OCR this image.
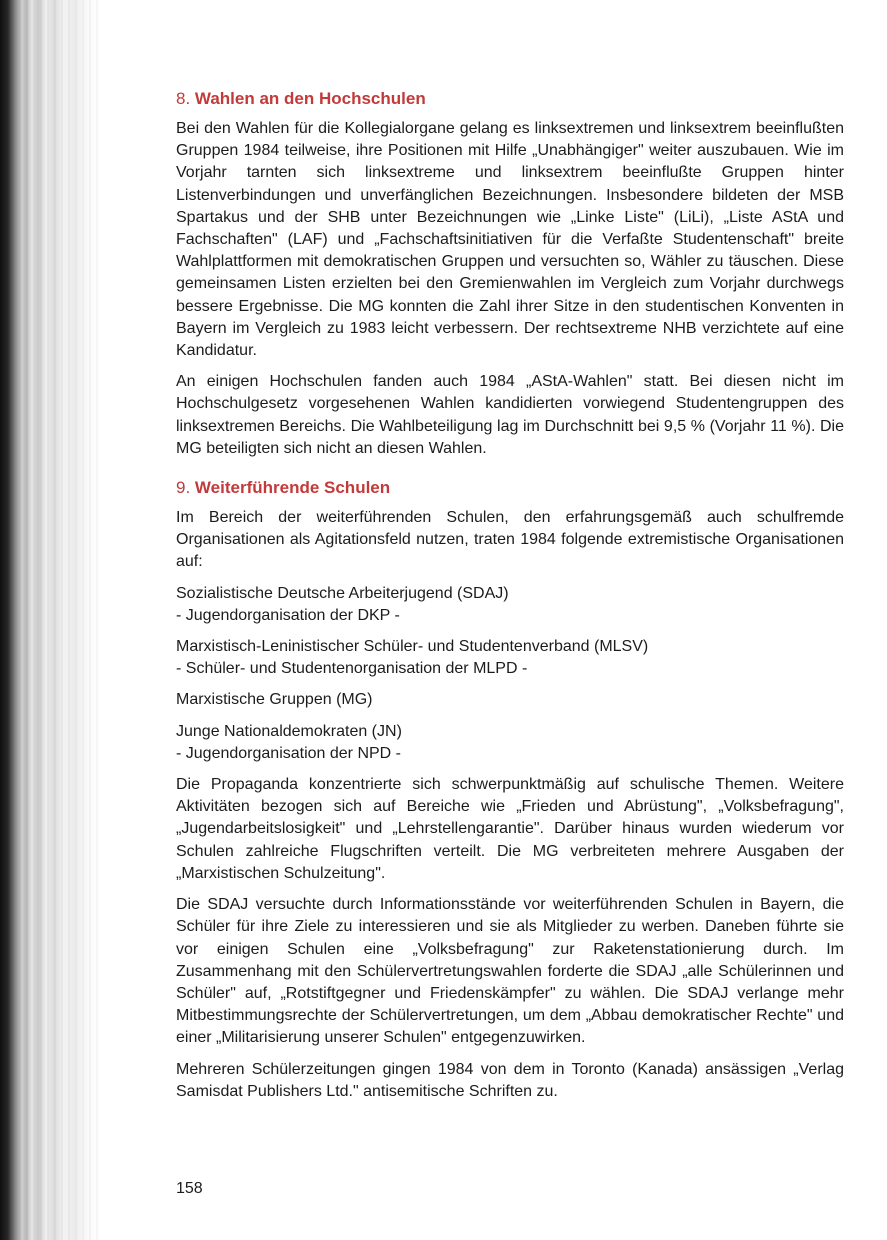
8. Wahlen an den Hochschulen

Bei den Wahlen für die Kollegialorgane gelang es linksextremen und linksextrem beeinflußten Gruppen 1984 teilweise, ihre Positionen mit Hilfe „Unabhängiger" weiter auszubauen. Wie im Vorjahr tarnten sich linksextreme und linksextrem beeinflußte Gruppen hinter Listenverbindungen und unverfänglichen Bezeichnungen. Insbesondere bildeten der MSB Spartakus und der SHB unter Bezeichnungen wie „Linke Liste" (LiLi), „Liste AStA und Fachschaften" (LAF) und „Fachschaftsinitiativen für die Verfaßte Studentenschaft" breite Wahlplattformen mit demokratischen Gruppen und versuchten so, Wähler zu täuschen. Diese gemeinsamen Listen erzielten bei den Gremienwahlen im Vergleich zum Vorjahr durchwegs bessere Ergebnisse. Die MG konnten die Zahl ihrer Sitze in den studentischen Konventen in Bayern im Vergleich zu 1983 leicht verbessern. Der rechtsextreme NHB verzichtete auf eine Kandidatur.

An einigen Hochschulen fanden auch 1984 „AStA-Wahlen" statt. Bei diesen nicht im Hochschulgesetz vorgesehenen Wahlen kandidierten vorwiegend Studentengruppen des linksextremen Bereichs. Die Wahlbeteiligung lag im Durchschnitt bei 9,5 % (Vorjahr 11 %). Die MG beteiligten sich nicht an diesen Wahlen.

9. Weiterführende Schulen

Im Bereich der weiterführenden Schulen, den erfahrungsgemäß auch schulfremde Organisationen als Agitationsfeld nutzen, traten 1984 folgende extremistische Organisationen auf:

Sozialistische Deutsche Arbeiterjugend (SDAJ)
- Jugendorganisation der DKP -
Marxistisch-Leninistischer Schüler- und Studentenverband (MLSV)
- Schüler- und Studentenorganisation der MLPD -
Marxistische Gruppen (MG)
Junge Nationaldemokraten (JN)
- Jugendorganisation der NPD -

Die Propaganda konzentrierte sich schwerpunktmäßig auf schulische Themen. Weitere Aktivitäten bezogen sich auf Bereiche wie „Frieden und Abrüstung", „Volksbefragung", „Jugendarbeitslosigkeit" und „Lehrstellengarantie". Darüber hinaus wurden wiederum vor Schulen zahlreiche Flugschriften verteilt. Die MG verbreiteten mehrere Ausgaben der „Marxistischen Schulzeitung".

Die SDAJ versuchte durch Informationsstände vor weiterführenden Schulen in Bayern, die Schüler für ihre Ziele zu interessieren und sie als Mitglieder zu werben. Daneben führte sie vor einigen Schulen eine „Volksbefragung" zur Raketenstationierung durch. Im Zusammenhang mit den Schülervertretungswahlen forderte die SDAJ „alle Schülerinnen und Schüler" auf, „Rotstiftgegner und Friedenskämpfer" zu wählen. Die SDAJ verlange mehr Mitbestimmungsrechte der Schülervertretungen, um dem „Abbau demokratischer Rechte" und einer „Militarisierung unserer Schulen" entgegenzuwirken.

Mehreren Schülerzeitungen gingen 1984 von dem in Toronto (Kanada) ansässigen „Verlag Samisdat Publishers Ltd." antisemitische Schriften zu.

158
